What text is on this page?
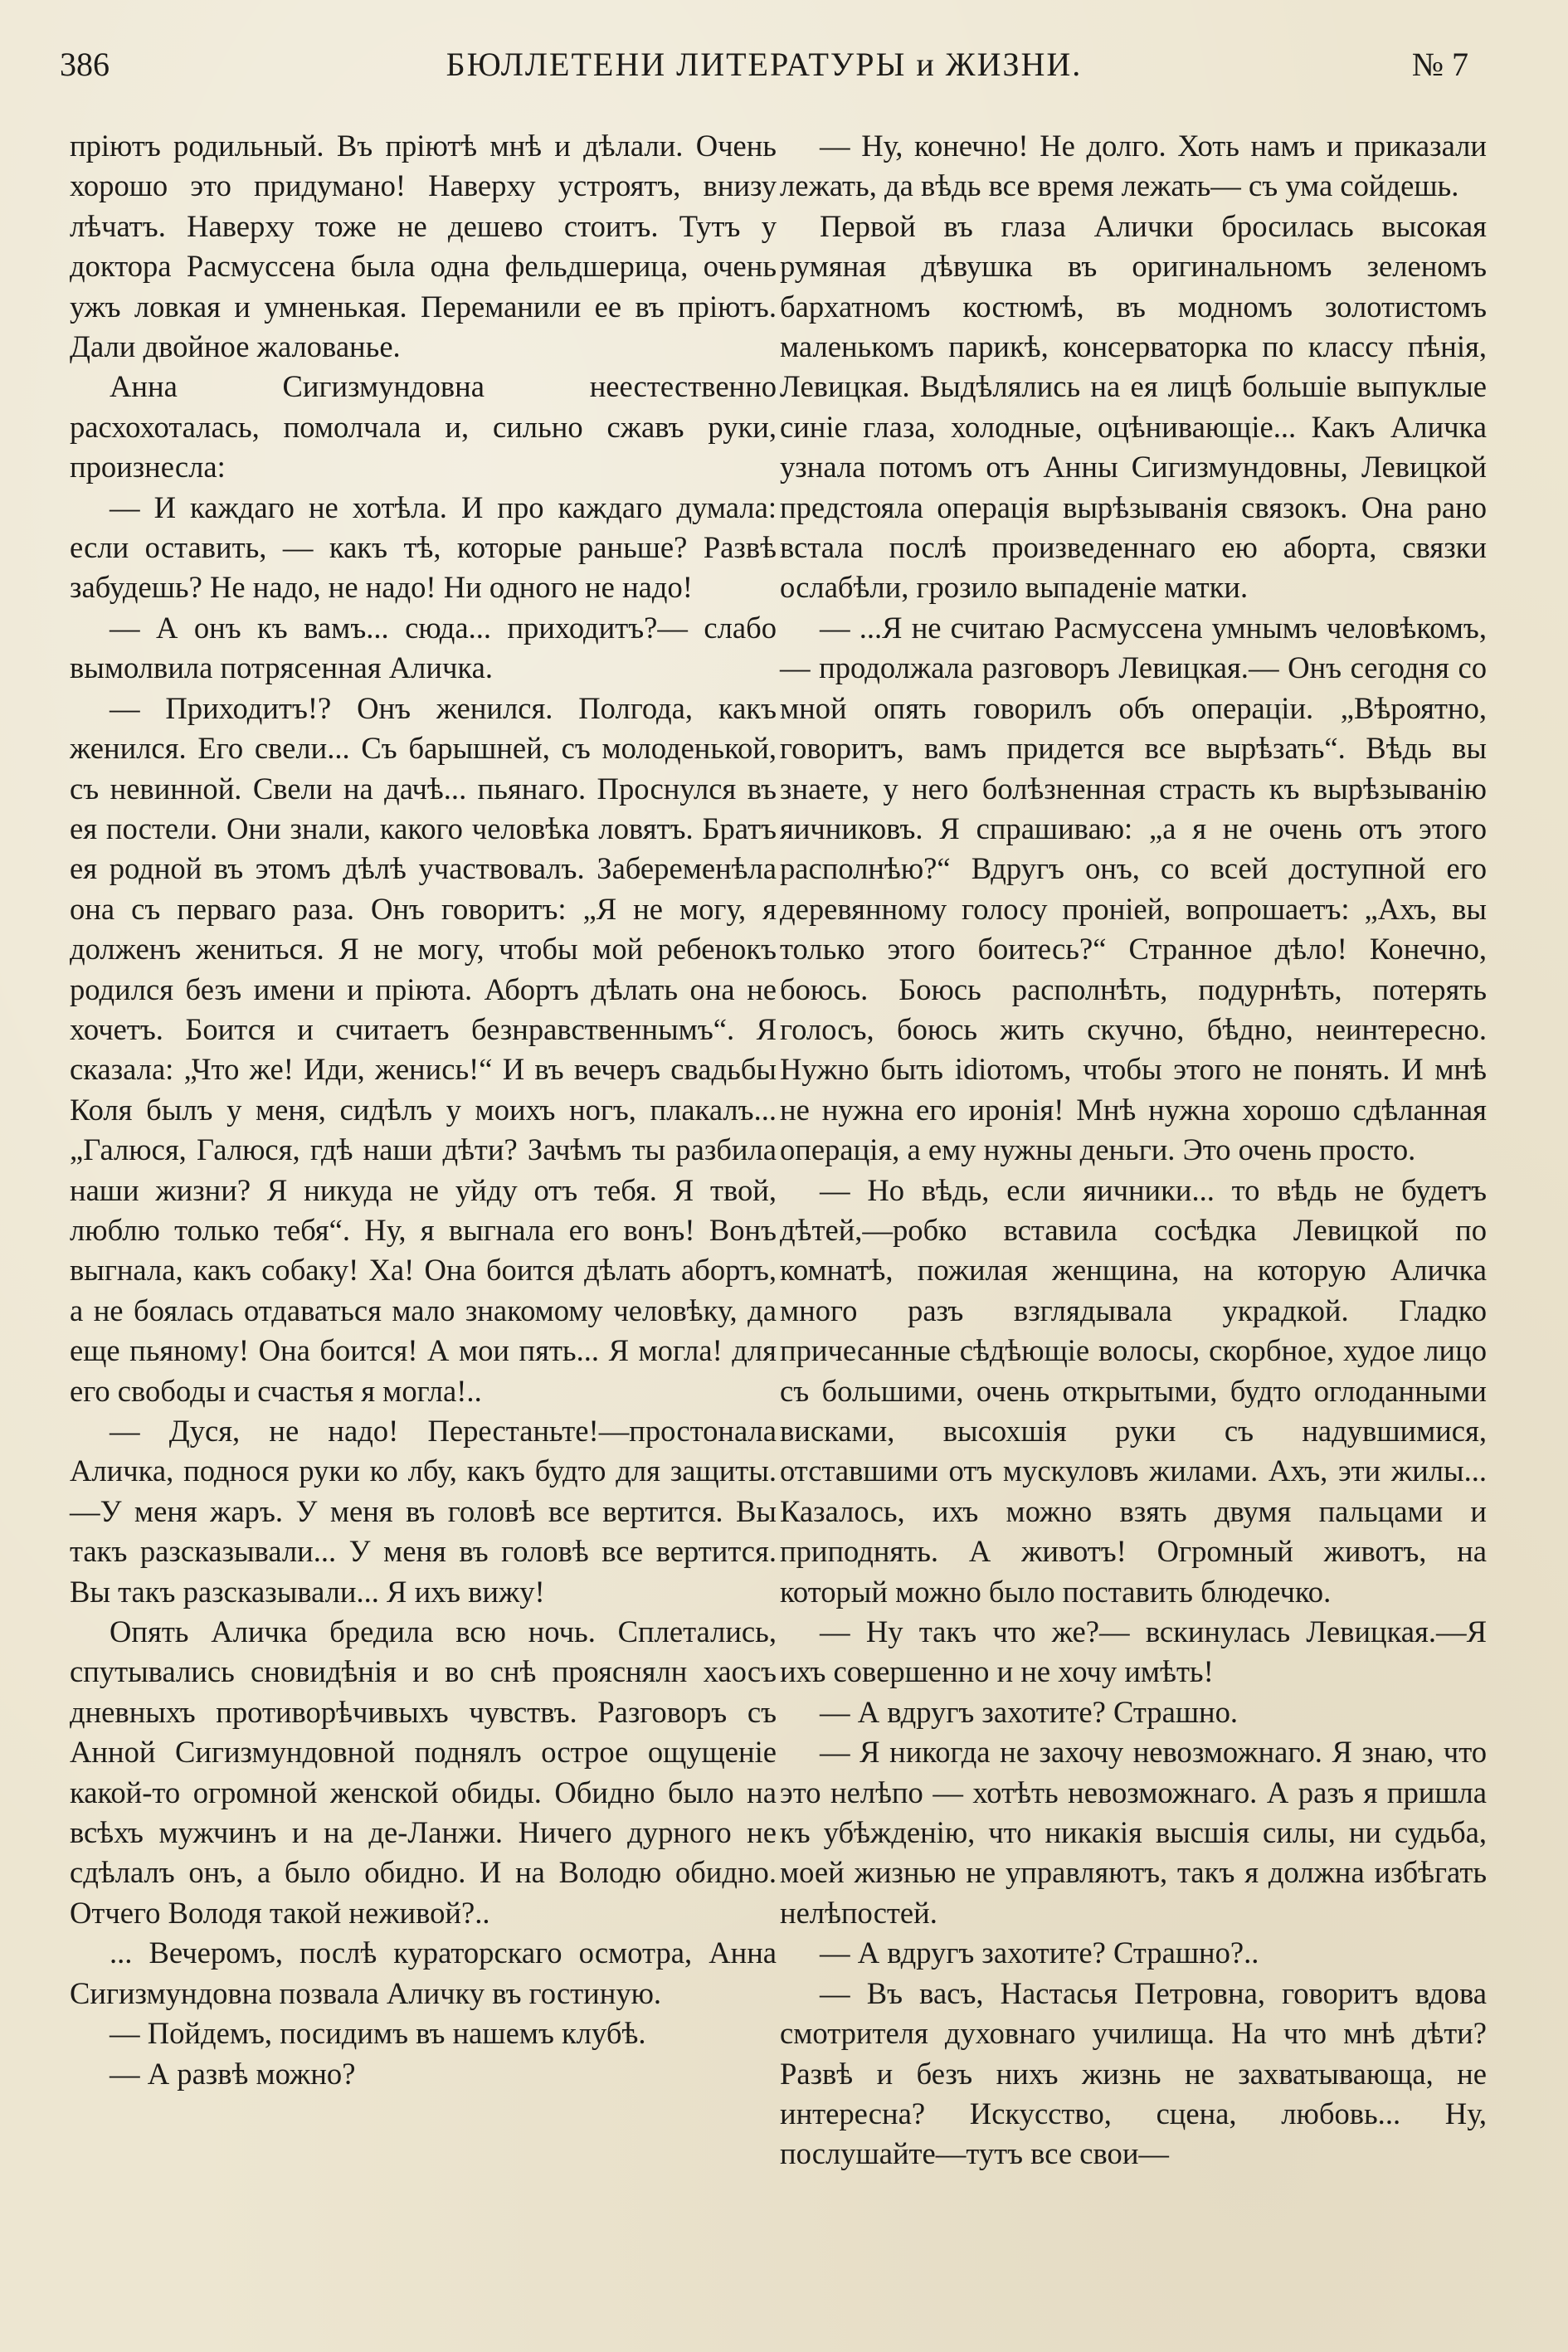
386	БЮЛЛЕТЕНИ ЛИТЕРАТУРЫ и ЖИЗНИ.	№ 7

пріютъ родильный. Въ пріютѣ мнѣ и дѣлали. Очень хорошо это придумано! Наверху устроятъ, внизу лѣчатъ. Наверху тоже не дешево стоитъ. Тутъ у доктора Расмуссена была одна фельдшерица, очень ужъ ловкая и умненькая. Переманили ее въ пріютъ. Дали двойное жалованье.

Анна Сигизмундовна неестественно расхохоталась, помолчала и, сильно сжавъ руки, произнесла:

— И каждаго не хотѣла. И про каждаго думала: если оставить, — какъ тѣ, которые раньше? Развѣ забудешь? Не надо, не надо! Ни одного не надо!

— А онъ къ вамъ... сюда... приходитъ?— слабо вымолвила потрясенная Аличка.

— Приходитъ!? Онъ женился. Полгода, какъ женился. Его свели... Съ барышней, съ молоденькой, съ невинной. Свели на дачѣ... пьянаго. Проснулся въ ея постели. Они знали, какого человѣка ловятъ. Братъ ея родной въ этомъ дѣлѣ участвовалъ. Забеременѣла она съ перваго раза. Онъ говоритъ: „Я не могу, я долженъ жениться. Я не могу, чтобы мой ребенокъ родился безъ имени и пріюта. Абортъ дѣлать она не хочетъ. Боится и считаетъ безнравственнымъ“. Я сказала: „Что же! Иди, женись!“ И въ вечеръ свадьбы Коля былъ у меня, сидѣлъ у моихъ ногъ, плакалъ... „Галюся, Галюся, гдѣ наши дѣти? Зачѣмъ ты разбила наши жизни? Я никуда не уйду отъ тебя. Я твой, люблю только тебя“. Ну, я выгнала его вонъ! Вонъ выгнала, какъ собаку! Ха! Она боится дѣлать абортъ, а не боялась отдаваться мало знакомому человѣку, да еще пьяному! Она боится! А мои пять... Я могла! для его свободы и счастья я могла!..

— Дуся, не надо! Перестаньте!—простонала Аличка, поднося руки ко лбу, какъ будто для защиты.—У меня жаръ. У меня въ головѣ все вертится. Вы такъ разсказывали... У меня въ головѣ все вертится. Вы такъ разсказывали... Я ихъ вижу!

Опять Аличка бредила всю ночь. Сплетались, спутывались сновидѣнія и во снѣ прояснялн хаосъ дневныхъ противорѣчивыхъ чувствъ. Разговоръ съ Анной Сигизмундовной поднялъ острое ощущеніе какой-то огромной женской обиды. Обидно было на всѣхъ мужчинъ и на де-Ланжи. Ничего дурного не сдѣлалъ онъ, а было обидно. И на Володю обидно. Отчего Володя такой неживой?..

... Вечеромъ, послѣ кураторскаго осмотра, Анна Сигизмундовна позвала Аличку въ гостиную.

— Пойдемъ, посидимъ въ нашемъ клубѣ.

— А развѣ можно?

— Ну, конечно! Не долго. Хоть намъ и приказали лежать, да вѣдь все время лежать— съ ума сойдешь.

Первой въ глаза Алички бросилась высокая румяная дѣвушка въ оригинальномъ зеленомъ бархатномъ костюмѣ, въ модномъ золотистомъ маленькомъ парикѣ, консерваторка по классу пѣнія, Левицкая. Выдѣлялись на ея лицѣ большіе выпуклые синіе глаза, холодные, оцѣнивающіе... Какъ Аличка узнала потомъ отъ Анны Сигизмундовны, Левицкой предстояла операція вырѣзыванія связокъ. Она рано встала послѣ произведеннаго ею аборта, связки ослабѣли, грозило выпаденіе матки.

— ...Я не считаю Расмуссена умнымъ человѣкомъ,— продолжала разговоръ Левицкая.— Онъ сегодня со мной опять говорилъ объ операціи. „Вѣроятно, говоритъ, вамъ придется все вырѣзать“. Вѣдь вы знаете, у него болѣзненная страсть къ вырѣзыванію яичниковъ. Я спрашиваю: „а я не очень отъ этого располнѣю?“ Вдругъ онъ, со всей доступной его деревянному голосу проніей, вопрошаетъ: „Ахъ, вы только этого боитесь?“ Странное дѣло! Конечно, боюсь. Боюсь располнѣть, подурнѣть, потерять голосъ, боюсь жить скучно, бѣдно, неинтересно. Нужно быть idiотомъ, чтобы этого не понять. И мнѣ не нужна его иронія! Мнѣ нужна хорошо сдѣланная операція, а ему нужны деньги. Это очень просто.

— Но вѣдь, если яичники... то вѣдь не будетъ дѣтей,—робко вставила сосѣдка Левицкой по комнатѣ, пожилая женщина, на которую Аличка много разъ взглядывала украдкой. Гладко причесанные сѣдѣющіе волосы, скорбное, худое лицо съ большими, очень открытыми, будто оглоданными висками, высохшія руки съ надувшимися, отставшими отъ мускуловъ жилами. Ахъ, эти жилы... Казалось, ихъ можно взять двумя пальцами и приподнять. А животъ! Огромный животъ, на который можно было поставить блюдечко.

— Ну такъ что же?— вскинулась Левицкая.—Я ихъ совершенно и не хочу имѣть!

— А вдругъ захотите? Страшно.

— Я никогда не захочу невозможнаго. Я знаю, что это нелѣпо — хотѣть невозможнаго. А разъ я пришла къ убѣжденію, что никакія высшія силы, ни судьба, моей жизнью не управляютъ, такъ я должна избѣгать нелѣпостей.

— А вдругъ захотите? Страшно?..

— Въ васъ, Настасья Петровна, говоритъ вдова смотрителя духовнаго училища. На что мнѣ дѣти? Развѣ и безъ нихъ жизнь не захватывающа, не интересна? Искусство, сцена, любовь... Ну, послушайте—тутъ все свои—
